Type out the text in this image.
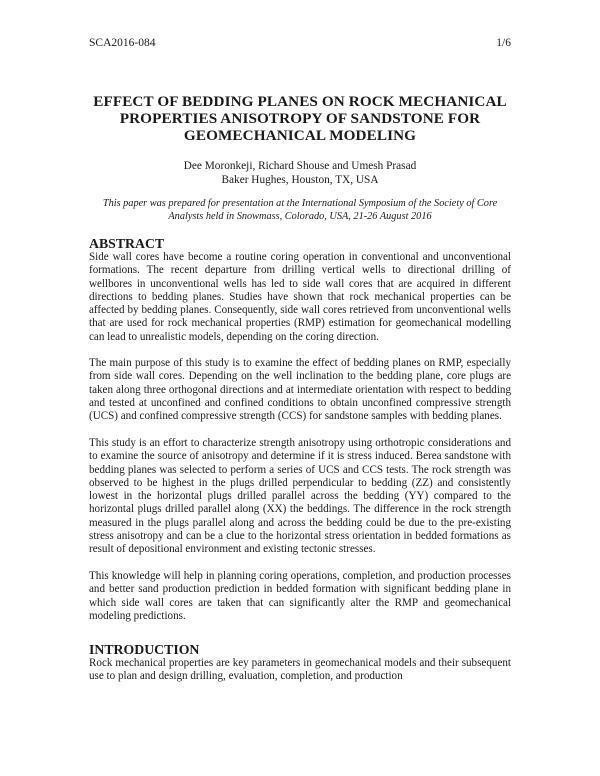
SCA2016-084	1/6
EFFECT OF BEDDING PLANES ON ROCK MECHANICAL PROPERTIES ANISOTROPY OF SANDSTONE FOR GEOMECHANICAL MODELING
Dee Moronkeji, Richard Shouse and Umesh Prasad
Baker Hughes, Houston, TX, USA
This paper was prepared for presentation at the International Symposium of the Society of Core Analysts held in Snowmass, Colorado, USA, 21-26 August 2016
ABSTRACT

Side wall cores have become a routine coring operation in conventional and unconventional formations. The recent departure from drilling vertical wells to directional drilling of wellbores in unconventional wells has led to side wall cores that are acquired in different directions to bedding planes. Studies have shown that rock mechanical properties can be affected by bedding planes. Consequently, side wall cores retrieved from unconventional wells that are used for rock mechanical properties (RMP) estimation for geomechanical modelling can lead to unrealistic models, depending on the coring direction.

The main purpose of this study is to examine the effect of bedding planes on RMP, especially from side wall cores. Depending on the well inclination to the bedding plane, core plugs are taken along three orthogonal directions and at intermediate orientation with respect to bedding and tested at unconfined and confined conditions to obtain unconfined compressive strength (UCS) and confined compressive strength (CCS) for sandstone samples with bedding planes.

This study is an effort to characterize strength anisotropy using orthotropic considerations and to examine the source of anisotropy and determine if it is stress induced. Berea sandstone with bedding planes was selected to perform a series of UCS and CCS tests. The rock strength was observed to be highest in the plugs drilled perpendicular to bedding (ZZ) and consistently lowest in the horizontal plugs drilled parallel across the bedding (YY) compared to the horizontal plugs drilled parallel along (XX) the beddings. The difference in the rock strength measured in the plugs parallel along and across the bedding could be due to the pre-existing stress anisotropy and can be a clue to the horizontal stress orientation in bedded formations as result of depositional environment and existing tectonic stresses.

This knowledge will help in planning coring operations, completion, and production processes and better sand production prediction in bedded formation with significant bedding plane in which side wall cores are taken that can significantly alter the RMP and geomechanical modeling predictions.

INTRODUCTION

Rock mechanical properties are key parameters in geomechanical models and their subsequent use to plan and design drilling, evaluation, completion, and production
